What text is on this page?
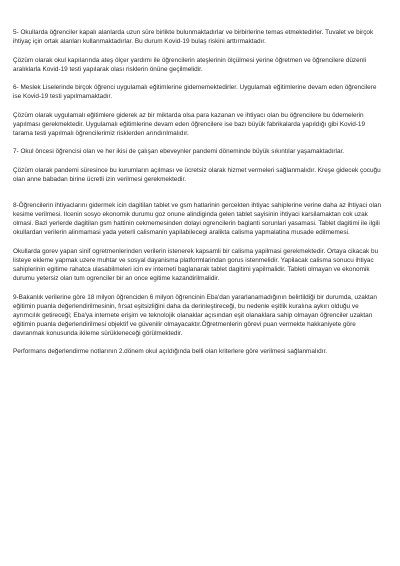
5- Okullarda öğrenciler kapalı alanlarda uzun süre birlikte bulunmaktadırlar ve birbirlerine temas etmektedirler. Tuvalet ve birçok ihtiyaç için ortak alanları kullanmaktadırlar. Bu durum Kovid-19 bulaş riskini arttırmaktadır.

Çözüm olarak okul kapılarında ateş ölçer yardımı ile öğrencilerin ateşlerinin ölçülmesi yerine öğretmen ve öğrencilere düzenli aralıklarla Kovid-19 testi yapılarak olası risklerin önüne geçilmelidir.

6- Meslek Liselerinde birçok öğrenci uygulamalı eğitimlerine gidememektedirler. Uygulamalı eğitimlerine devam eden öğrencilere ise Kovid-19 testi yapılmamaktadır.

Çözüm olarak uygulamalı eğitimlere giderek az bir miktarda olsa para kazanan ve ihtiyacı olan bu öğrencilere bu ödemelerin yapılması gerekmektedir. Uygulamalı eğitimlerine devam eden öğrencilere ise bazı büyük fabrikalarda yapıldığı gibi Kovid-19 tarama testi yapılmalı öğrencilerimiz risklerden arındırılmalıdır.

7- Okul öncesi öğrencisi olan ve her ikisi de çalışan ebeveynler pandemi döneminde büyük sıkıntılar yaşamaktadırlar.

Çözüm olarak pandemi süresince bu kurumların açılması ve ücretsiz olarak hizmet vermeleri sağlanmalıdır. Kreşe gidecek çocuğu olan anne babadan birine ücretli izin verilmesi gerekmektedir.

8-Öğrencilerin ihtiyaclarını gidermek icin dagitilan tablet ve gsm hatlarinin gercekten ihtiyac sahiplerine verine daha az ihtiyaci olan kesime verilmesi. Ilcenin sosyo ekonomik durumu goz onune alindiginda gelen tablet sayisinin ihtiyaci karsilamaktan cok uzak olmasi. Bazi yerlerde dagitilan gsm hattinin cekmemesinden dolayi ogrencilerin baglanti sorunlari yasamasi. Tablet dagitimi ile ilgili okullardan verilerin alinmamasi yada yeterli calismanin yapilabilecegi aralikta calisma yapmalatina musade edilmemesi.

Okullarda gorev yapan sinif ogretmenlerinden verilerin istenerek kapsamli bir calisma yapilmasi gerekmektedir. Ortaya cikacak bu listeye ekleme yapmak uzere muhtar ve sosyal dayanisma platformlarindan gorus istenmelidir. Yapilacak calisma sonucu ihtiyac sahiplerinin egitime rahatca ulasabilmeleri icin ev interneti baglanarak tablet dagitimi yapilmalidir. Tableti olmayan ve ekonomik durumu yetersiz olan tum ogrenciler bir an once egitime kazandirilmalidir.

9-Bakanlık verilerine göre 18 milyon öğrenciden 6 milyon öğrencinin Eba'dan yararlanamadığının belirtildiği bir durumda, uzaktan eğitimin puanla değerlendirilmesinin, fırsat eşitsizliğini daha da derinleştireceği, bu nedenle eşitlik kuralına aykırı olduğu ve ayrımcılık getireceği; Eba'ya internete erişim ve teknolojik olanaklar açısından eşit olanaklara sahip olmayan öğrenciler uzaktan eğitimin puanla değerlendirilmesi objektif ve güvenilir olmayacaktır.Öğretmenlerin görevi puan vermekte hakkaniyete göre davranmak konusunda ikileme sürükleneceği görülmektedir.

Performans değerlendirme notlarının 2.dönem okul açıldığında belli olan kriterlere göre verilmesi sağlanmalıdır.
